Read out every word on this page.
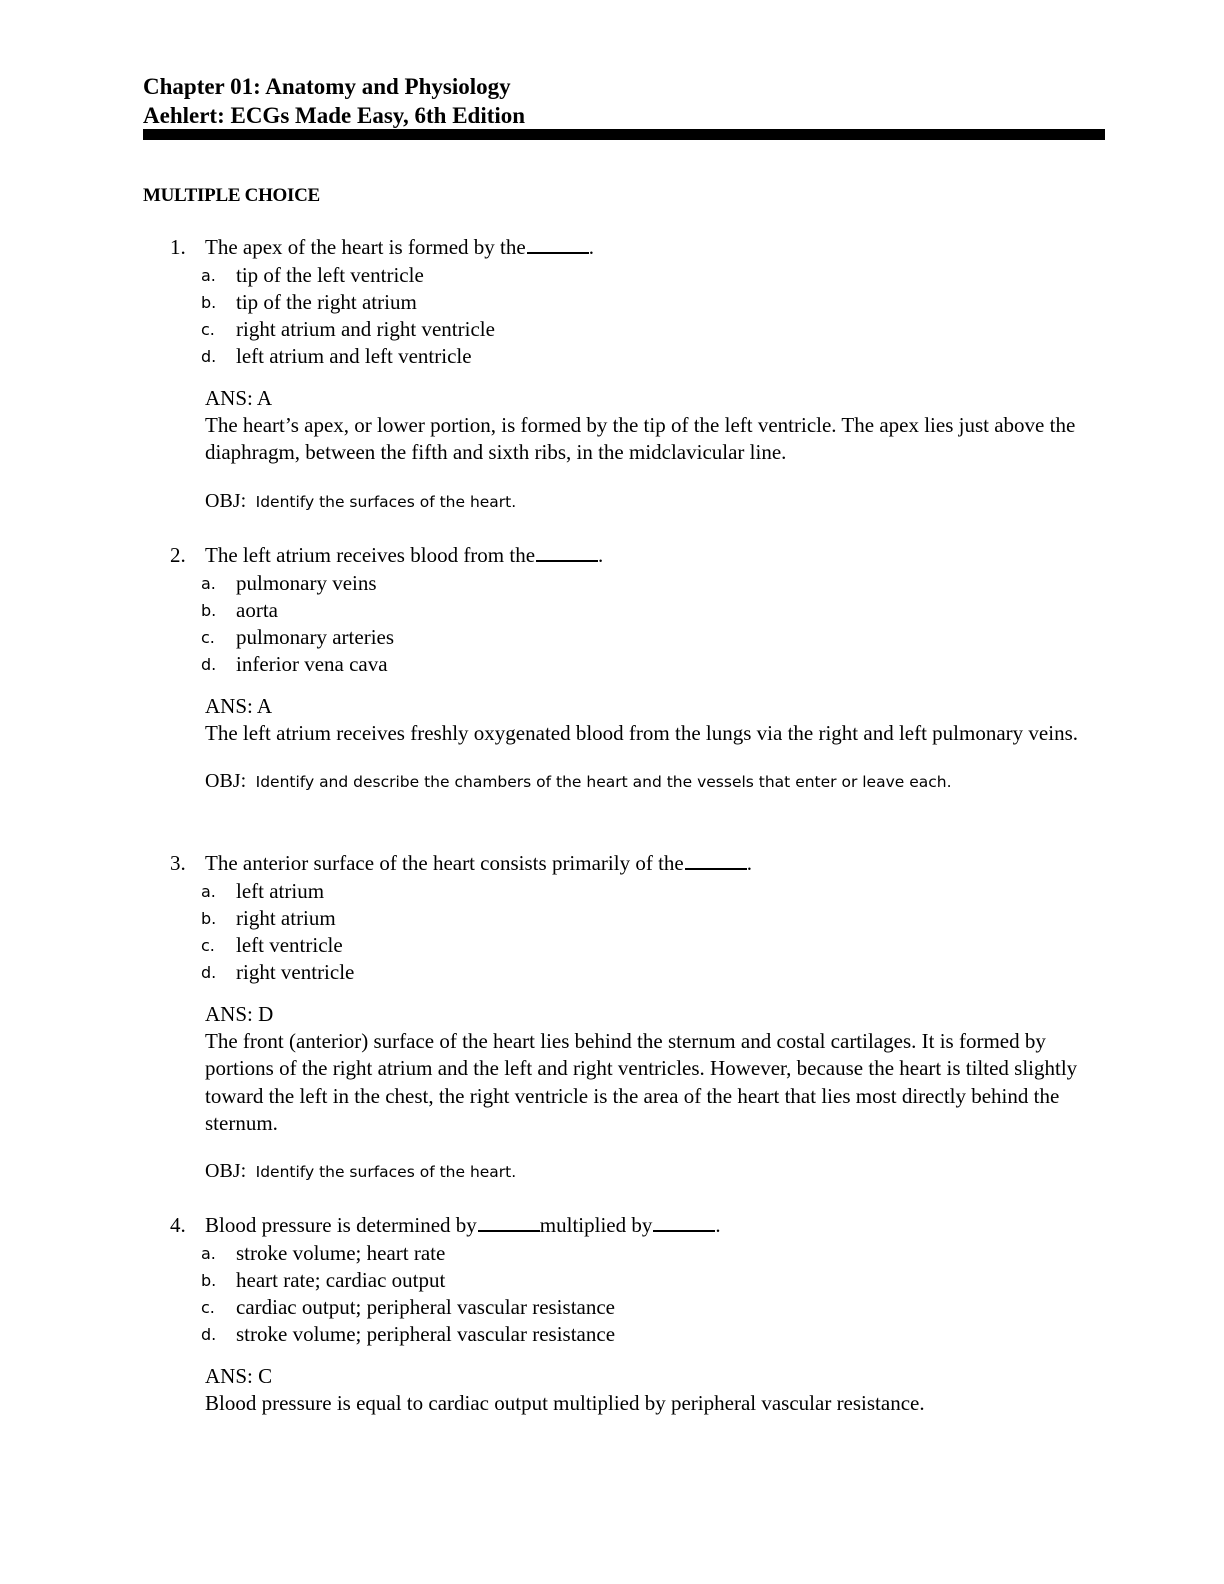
Chapter 01: Anatomy and Physiology
Aehlert: ECGs Made Easy, 6th Edition
MULTIPLE CHOICE
1. The apex of the heart is formed by the	.
a. tip of the left ventricle
b. tip of the right atrium
c. right atrium and right ventricle
d. left atrium and left ventricle
ANS: A
The heart’s apex, or lower portion, is formed by the tip of the left ventricle. The apex lies just above the diaphragm, between the fifth and sixth ribs, in the midclavicular line.
OBJ: Identify the surfaces of the heart.
2. The left atrium receives blood from the	.
a. pulmonary veins
b. aorta
c. pulmonary arteries
d. inferior vena cava
ANS: A
The left atrium receives freshly oxygenated blood from the lungs via the right and left pulmonary veins.
OBJ: Identify and describe the chambers of the heart and the vessels that enter or leave each.
3. The anterior surface of the heart consists primarily of the	.
a. left atrium
b. right atrium
c. left ventricle
d. right ventricle
ANS: D
The front (anterior) surface of the heart lies behind the sternum and costal cartilages. It is formed by portions of the right atrium and the left and right ventricles. However, because the heart is tilted slightly toward the left in the chest, the right ventricle is the area of the heart that lies most directly behind the sternum.
OBJ: Identify the surfaces of the heart.
4. Blood pressure is determined by	multiplied by	.
a. stroke volume; heart rate
b. heart rate; cardiac output
c. cardiac output; peripheral vascular resistance
d. stroke volume; peripheral vascular resistance
ANS: C
Blood pressure is equal to cardiac output multiplied by peripheral vascular resistance.
